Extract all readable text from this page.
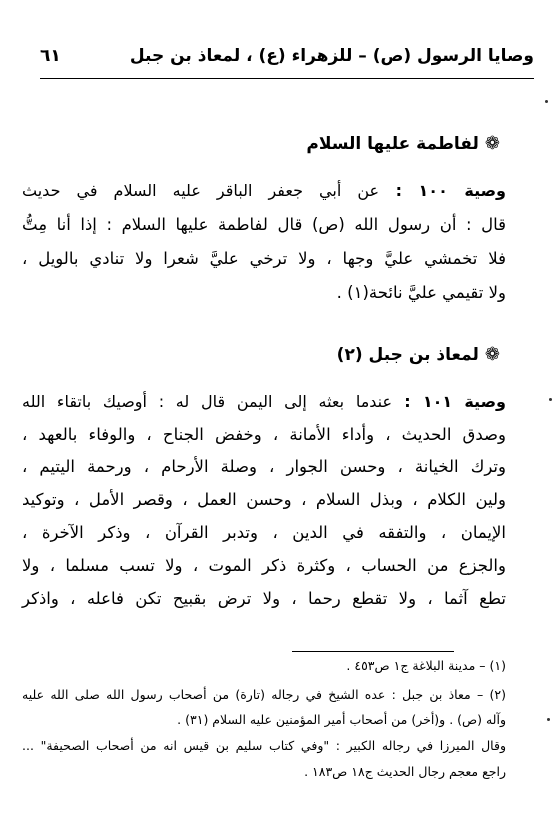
وصايا الرسول (ص) – للزهراء (ع) ، لمعاذ بن جبل
٦١
❁لفاطمة عليها السلام
وصية ١٠٠ : عن أبي جعفر الباقر عليه السلام في حديث
قال : أن رسول الله (ص) قال لفاطمة عليها السلام : إذا أنا مِتُّ
فلا تخمشي عليَّ وجها ، ولا ترخي عليَّ شعرا ولا تنادي بالويل ،
ولا تقيمي عليَّ نائحة(١) .
❁لمعاذ بن جبل (٢)
وصية ١٠١ : عندما بعثه إلى اليمن قال له : أوصيك باتقاء الله
وصدق الحديث ، وأداء الأمانة ، وخفض الجناح ، والوفاء بالعهد ،
وترك الخيانة ، وحسن الجوار ، وصلة الأرحام ، ورحمة اليتيم ،
ولين الكلام ، وبذل السلام ، وحسن العمل ، وقصر الأمل ، وتوكيد
الإيمان ، والتفقه في الدين ، وتدبر القرآن ، وذكر الآخرة ،
والجزع من الحساب ، وكثرة ذكر الموت ، ولا تسب مسلما ، ولا
تطع آثما ، ولا تقطع رحما ، ولا ترض بقبيح تكن فاعله ، واذكر
(١) – مدينة البلاغة ج١ ص٤٥٣ .
(٢) – معاذ بن جبل : عده الشيخ في رجاله (تارة) من أصحاب رسول الله صلى الله عليه
وآله (ص) . و(أخر) من أصحاب أمير المؤمنين عليه السلام (٣١) .
وقال الميرزا في رجاله الكبير : "وفي كتاب سليم بن قيس انه من أصحاب الصحيفة" ...
راجع معجم رجال الحديث ج١٨ ص١٨٣ .
